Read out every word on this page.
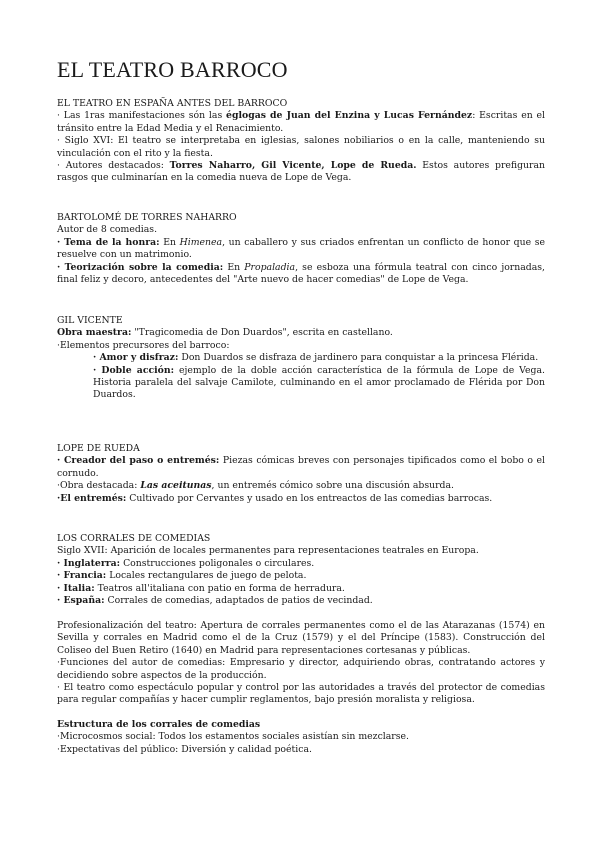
EL TEATRO BARROCO

EL TEATRO EN ESPAÑA ANTES DEL BARROCO

· Las 1ras manifestaciones són las églogas de Juan del Enzina y Lucas Fernández: Escritas en el tránsito entre la Edad Media y el Renacimiento.

· Siglo XVI: El teatro se interpretaba en iglesias, salones nobiliarios o en la calle, manteniendo su vinculación con el rito y la fiesta.

· Autores destacados: Torres Naharro, Gil Vicente, Lope de Rueda. Estos autores prefiguran rasgos que culminarían en la comedia nueva de Lope de Vega.

BARTOLOMÉ DE TORRES NAHARRO

Autor de 8 comedias.

· Tema de la honra: En Himenea, un caballero y sus criados enfrentan un conflicto de honor que se resuelve con un matrimonio.

· Teorización sobre la comedia: En Propaladia, se esboza una fórmula teatral con cinco jornadas, final feliz y decoro, antecedentes del "Arte nuevo de hacer comedias" de Lope de Vega.

GIL VICENTE

Obra maestra: "Tragicomedia de Don Duardos", escrita en castellano.

·Elementos precursores del barroco:

· Amor y disfraz: Don Duardos se disfraza de jardinero para conquistar a la princesa Flérida.

· Doble acción: ejemplo de la doble acción característica de la fórmula de Lope de Vega. Historia paralela del salvaje Camilote, culminando en el amor proclamado de Flérida por Don Duardos.

LOPE DE RUEDA

· Creador del paso o entremés: Piezas cómicas breves con personajes tipificados como el bobo o el cornudo.

·Obra destacada: Las aceitunas, un entremés cómico sobre una discusión absurda.

·El entremés: Cultivado por Cervantes y usado en los entreactos de las comedias barrocas.

LOS CORRALES DE COMEDIAS

Siglo XVII: Aparición de locales permanentes para representaciones teatrales en Europa.

· Inglaterra: Construcciones poligonales o circulares.

· Francia: Locales rectangulares de juego de pelota.

· Italia: Teatros all'italiana con patio en forma de herradura.

· España: Corrales de comedias, adaptados de patios de vecindad.

Profesionalización del teatro: Apertura de corrales permanentes como el de las Atarazanas (1574) en Sevilla y corrales en Madrid como el de la Cruz (1579) y el del Príncipe (1583). Construcción del Coliseo del Buen Retiro (1640) en Madrid para representaciones cortesanas y públicas.

·Funciones del autor de comedias: Empresario y director, adquiriendo obras, contratando actores y decidiendo sobre aspectos de la producción.

· El teatro como espectáculo popular y control por las autoridades a través del protector de comedias para regular compañías y hacer cumplir reglamentos, bajo presión moralista y religiosa.

Estructura de los corrales de comedias

·Microcosmos social: Todos los estamentos sociales asistían sin mezclarse.

·Expectativas del público: Diversión y calidad poética.
